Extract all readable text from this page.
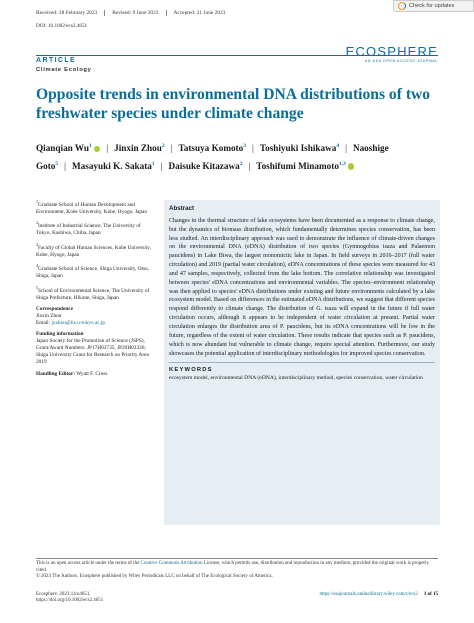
Check for updates
Received: 28 February 2023	Revised: 9 June 2023	Accepted: 21 June 2023
DOI: 10.1002/ecs2.4651
ECOSPHERE
AN ESA OPEN ACCESS JOURNAL
ARTICLE
Climate Ecology
Opposite trends in environmental DNA distributions of two freshwater species under climate change
Qianqian Wu$^1$ | Jinxin Zhou$^2$ | Tatsuya Komoto$^3$ | Toshiyuki Ishikawa$^4$ | Naoshige Goto$^5$ | Masayuki K. Sakata$^1$ | Daisuke Kitazawa$^2$ | Toshifumi Minamoto$^{1,3}$
$^1$Graduate School of Human Development and Environment, Kobe University, Kobe, Hyogo, Japan
$^2$Institute of Industrial Science, The University of Tokyo, Kashiwa, Chiba, Japan
$^3$Faculty of Global Human Sciences, Kobe University, Kobe, Hyogo, Japan
$^4$Graduate School of Science, Shiga University, Otsu, Shiga, Japan
$^5$School of Environmental Science, The University of Shiga Prefecture, Hikone, Shiga, Japan
Correspondence
Jinxin Zhou
Email: jxzhou@iis.u-tokyo.ac.jp
Funding information
Japan Society for the Promotion of Science (JSPS), Grant/Award Numbers: JP17H03735, JP20H03326; Shiga University Grant for Research on Priority Area 2019
Handling Editor: Wyatt F. Cross
Abstract
Changes in the thermal structure of lake ecosystems have been documented as a response to climate change, but the dynamics of biomass distribution, which fundamentally determines species conservation, has been less studied. An interdisciplinary approach was used to demonstrate the influence of climate-driven changes on the environmental DNA (eDNA) distribution of two species (Gymnogobius isaza and Palaemon paucidens) in Lake Biwa, the largest monomictic lake in Japan. In field surveys in 2016–2017 (full water circulation) and 2019 (partial water circulation), eDNA concentrations of these species were measured for 43 and 47 samples, respectively, collected from the lake bottom. The correlative relationship was investigated between species' eDNA concentrations and environmental variables. The species–environment relationship was then applied to species' eDNA distributions under existing and future environments calculated by a lake ecosystem model. Based on differences in the estimated eDNA distributions, we suggest that different species respond differently to climate change. The distribution of G. isaza will expand in the future if full water circulation occurs, although it appears to be independent of water circulation at present. Partial water circulation enlarges the distribution area of P. paucidens, but its eDNA concentrations will be low in the future, regardless of the extent of water circulation. These results indicate that species such as P. paucidens, which is now abundant but vulnerable to climate change, require special attention. Furthermore, our study showcases the potential application of interdisciplinary methodologies for improved species conservation.
KEYWORDS
ecosystem model, environmental DNA (eDNA), interdisciplinary method, species conservation, water circulation
This is an open access article under the terms of the Creative Commons Attribution License, which permits use, distribution and reproduction in any medium, provided the original work is properly cited.
© 2023 The Authors. Ecosphere published by Wiley Periodicals LLC on behalf of The Ecological Society of America.
Ecosphere. 2023;14:e4651.
https://doi.org/10.1002/ecs2.4651
https://esajournals.onlinelibrary.wiley.com/r/ecs2 1 of 15
